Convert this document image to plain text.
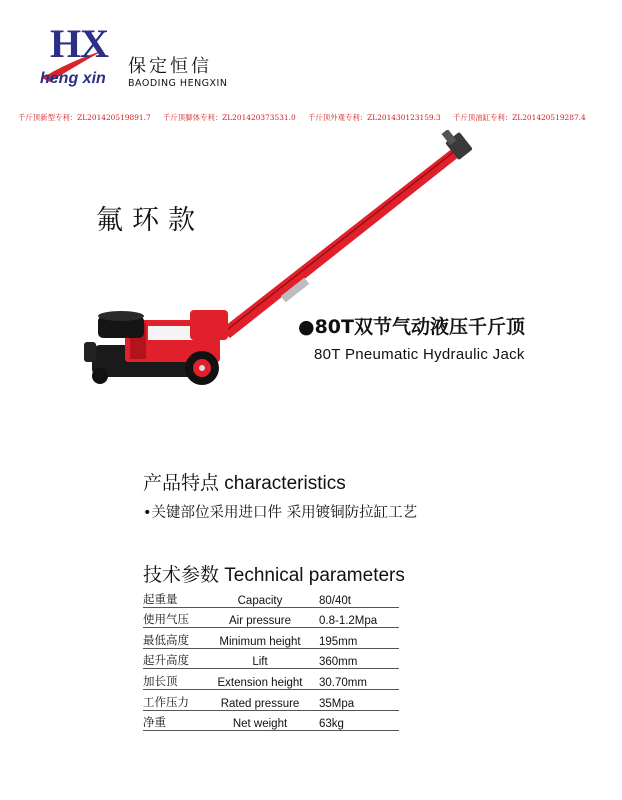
HX
heng xin
保定恒信
BAODING HENGXIN
千斤顶新型专利：ZL201420519891.7 千斤顶脚体专利：ZL201420373531.0 千斤顶外观专利：ZL201430123159.3 千斤顶油缸专利：ZL201420519287.4
氟环款
●80T双节气动液压千斤顶
80T Pneumatic Hydraulic Jack
产品特点 characteristics
•关键部位采用进口件 采用镀铜防拉缸工艺
技术参数 Technical parameters
起重量	Capacity	80/40t
使用气压	Air pressure	0.8-1.2Mpa
最低高度	Minimum height	195mm
起升高度	Lift	360mm
加长顶	Extension height	30.70mm
工作压力	Rated pressure	35Mpa
净重	Net weight	63kg
